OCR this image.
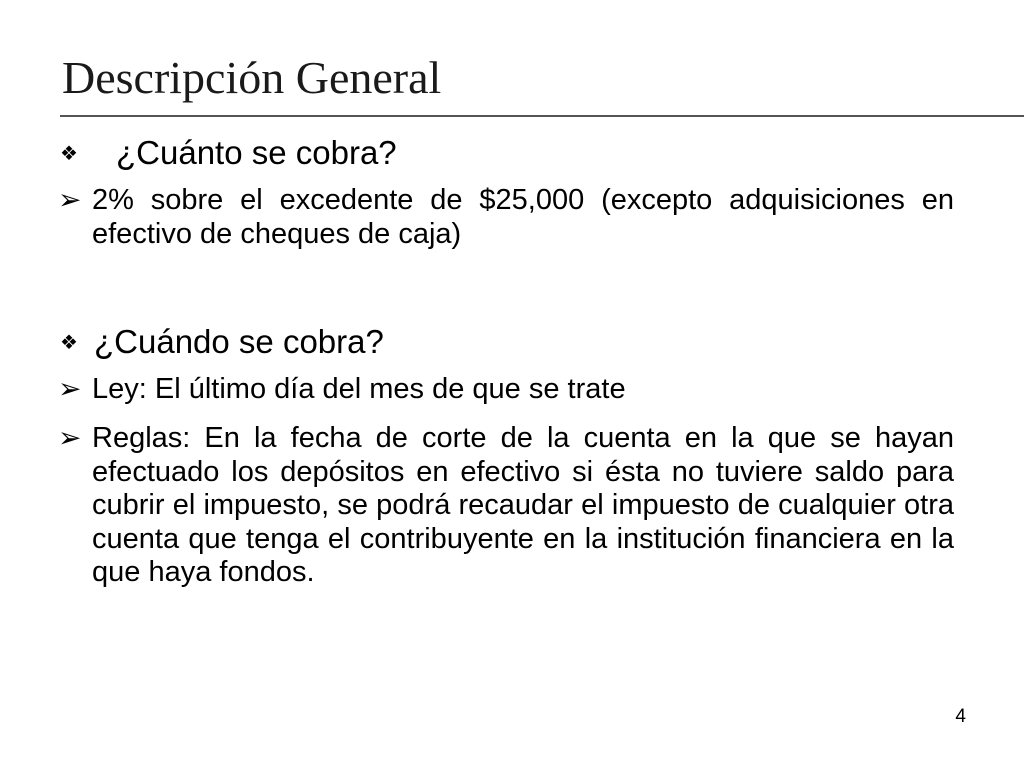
Descripción General
❖ ¿Cuánto se cobra?
➢ 2% sobre el excedente de $25,000 (excepto adquisiciones en efectivo de cheques de caja)
❖ ¿Cuándo se cobra?
➢ Ley: El último día del mes de que se trate
➢ Reglas: En la fecha de corte de la cuenta en la que se hayan efectuado los depósitos en efectivo si ésta no tuviere saldo para cubrir el impuesto, se podrá recaudar el impuesto de cualquier otra cuenta que tenga el contribuyente en la institución financiera en la que haya fondos.
4
